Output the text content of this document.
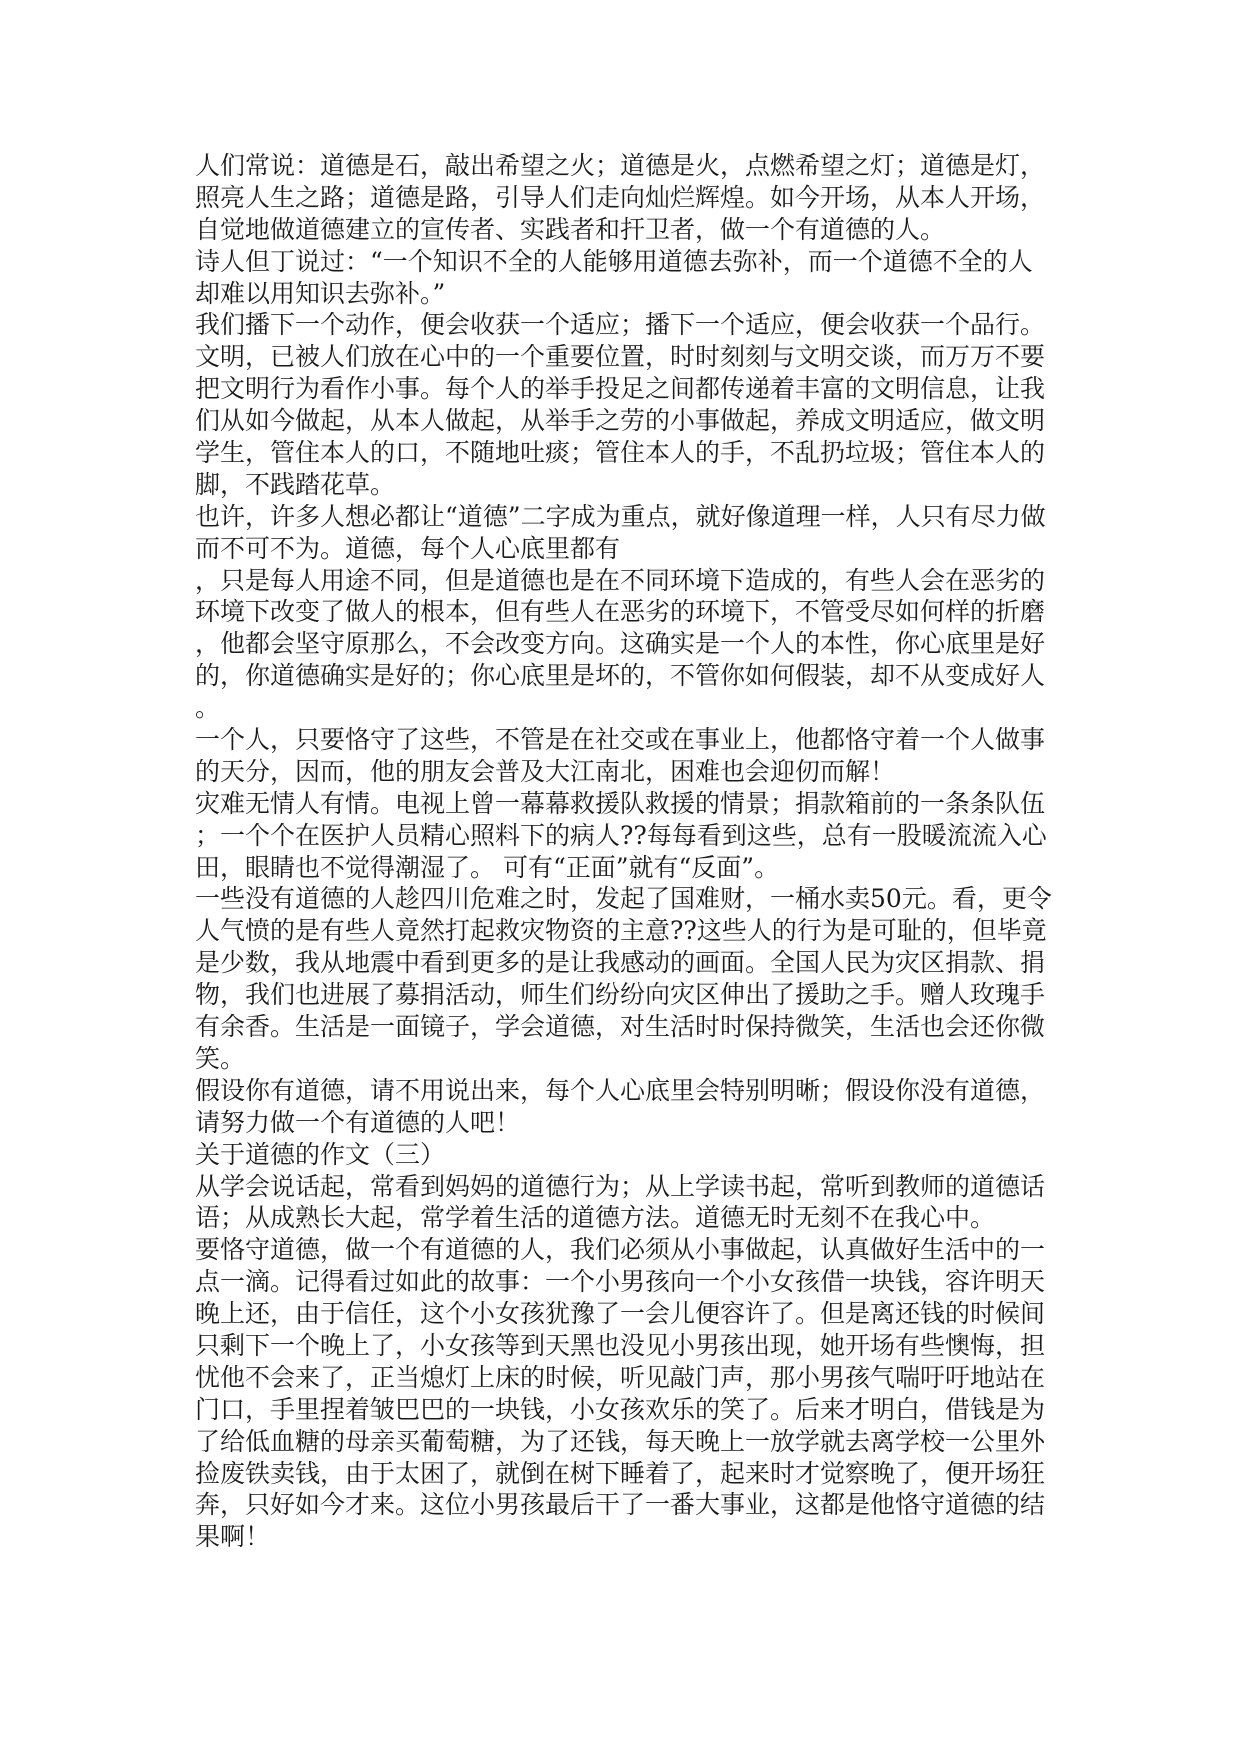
人们常说：道德是石，敲出希望之火；道德是火，点燃希望之灯；道德是灯，
照亮人生之路；道德是路，引导人们走向灿烂辉煌。如今开场，从本人开场，
自觉地做道德建立的宣传者、实践者和扞卫者，做一个有道德的人。
诗人但丁说过：“一个知识不全的人能够用道德去弥补，而一个道德不全的人
却难以用知识去弥补。”
我们播下一个动作，便会收获一个适应；播下一个适应，便会收获一个品行。
文明，已被人们放在心中的一个重要位置，时时刻刻与文明交谈，而万万不要
把文明行为看作小事。每个人的举手投足之间都传递着丰富的文明信息，让我
们从如今做起，从本人做起，从举手之劳的小事做起，养成文明适应，做文明
学生，管住本人的口，不随地吐痰；管住本人的手，不乱扔垃圾；管住本人的
脚，不践踏花草。
也许，许多人想必都让“道德”二字成为重点，就好像道理一样，人只有尽力做
而不可不为。道德，每个人心底里都有
，只是每人用途不同，但是道德也是在不同环境下造成的，有些人会在恶劣的
环境下改变了做人的根本，但有些人在恶劣的环境下，不管受尽如何样的折磨
，他都会坚守原那么，不会改变方向。这确实是一个人的本性，你心底里是好
的，你道德确实是好的；你心底里是坏的，不管你如何假装，却不从变成好人
。
一个人，只要恪守了这些，不管是在社交或在事业上，他都恪守着一个人做事
的天分，因而，他的朋友会普及大江南北，困难也会迎仞而解！
灾难无情人有情。电视上曾一幕幕救援队救援的情景；捐款箱前的一条条队伍
；一个个在医护人员精心照料下的病人??每每看到这些，总有一股暖流流入心
田，眼睛也不觉得潮湿了。 可有“正面”就有“反面”。
一些没有道德的人趁四川危难之时，发起了国难财，一桶水卖50元。看，更令
人气愤的是有些人竟然打起救灾物资的主意??这些人的行为是可耻的，但毕竟
是少数，我从地震中看到更多的是让我感动的画面。全国人民为灾区捐款、捐
物，我们也进展了募捐活动，师生们纷纷向灾区伸出了援助之手。赠人玫瑰手
有余香。生活是一面镜子，学会道德，对生活时时保持微笑，生活也会还你微
笑。
假设你有道德，请不用说出来，每个人心底里会特别明晰；假设你没有道德，
请努力做一个有道德的人吧！
关于道德的作文（三）
从学会说话起，常看到妈妈的道德行为；从上学读书起，常听到教师的道德话
语；从成熟长大起，常学着生活的道德方法。道德无时无刻不在我心中。
要恪守道德，做一个有道德的人，我们必须从小事做起，认真做好生活中的一
点一滴。记得看过如此的故事：一个小男孩向一个小女孩借一块钱，容许明天
晚上还，由于信任，这个小女孩犹豫了一会儿便容许了。但是离还钱的时候间
只剩下一个晚上了，小女孩等到天黑也没见小男孩出现，她开场有些懊悔，担
忧他不会来了，正当熄灯上床的时候，听见敲门声，那小男孩气喘吁吁地站在
门口，手里捏着皱巴巴的一块钱，小女孩欢乐的笑了。后来才明白，借钱是为
了给低血糖的母亲买葡萄糖，为了还钱，每天晚上一放学就去离学校一公里外
捡废铁卖钱，由于太困了，就倒在树下睡着了，起来时才觉察晚了，便开场狂
奔，只好如今才来。这位小男孩最后干了一番大事业，这都是他恪守道德的结
果啊！
